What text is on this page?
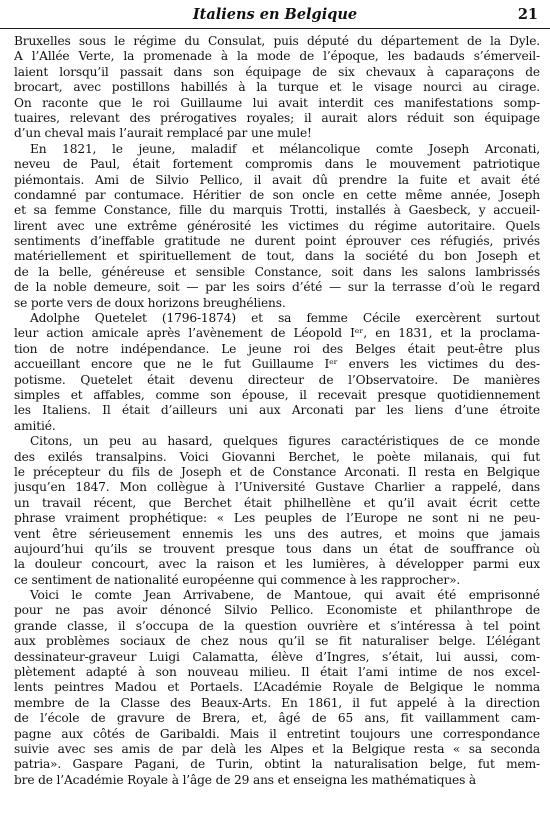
Italiens en Belgique	21
Bruxelles sous le régime du Consulat, puis député du département de la Dyle.
A l’Allée Verte, la promenade à la mode de l’époque, les badauds s’émerveil-
laient lorsqu’il passait dans son équipage de six chevaux à caparaçons de
brocart, avec postillons habillés à la turque et le visage nourci au cirage.
On raconte que le roi Guillaume lui avait interdit ces manifestations somp-
tuaires, relevant des prérogatives royales; il aurait alors réduit son équipage
d’un cheval mais l’aurait remplacé par une mule!
En 1821, le jeune, maladif et mélancolique comte Joseph Arconati,
neveu de Paul, était fortement compromis dans le mouvement patriotique
piémontais. Ami de Silvio Pellico, il avait dû prendre la fuite et avait été
condamné par contumace. Héritier de son oncle en cette même année, Joseph
et sa femme Constance, fille du marquis Trotti, installés à Gaesbeck, y accueil-
lirent avec une extrême générosité les victimes du régime autoritaire. Quels
sentiments d’ineffable gratitude ne durent point éprouver ces réfugiés, privés
matériellement et spirituellement de tout, dans la société du bon Joseph et
de la belle, généreuse et sensible Constance, soit dans les salons lambrissés
de la noble demeure, soit — par les soirs d’été — sur la terrasse d’où le regard
se porte vers de doux horizons breughéliens.
Adolphe Quetelet (1796-1874) et sa femme Cécile exercèrent surtout
leur action amicale après l’avènement de Léopold Iᵉʳ, en 1831, et la proclama-
tion de notre indépendance. Le jeune roi des Belges était peut-être plus
accueillant encore que ne le fut Guillaume Iᵉʳ envers les victimes du des-
potisme. Quetelet était devenu directeur de l’Observatoire. De manières
simples et affables, comme son épouse, il recevait presque quotidiennement
les Italiens. Il était d’ailleurs uni aux Arconati par les liens d’une étroite
amitié.
Citons, un peu au hasard, quelques figures caractéristiques de ce monde
des exilés transalpins. Voici Giovanni Berchet, le poète milanais, qui fut
le précepteur du fils de Joseph et de Constance Arconati. Il resta en Belgique
jusqu’en 1847. Mon collègue à l’Université Gustave Charlier a rappelé, dans
un travail récent, que Berchet était philhellène et qu’il avait écrit cette
phrase vraiment prophétique: « Les peuples de l’Europe ne sont ni ne peu-
vent être sérieusement ennemis les uns des autres, et moins que jamais
aujourd’hui qu’ils se trouvent presque tous dans un état de souffrance où
la douleur concourt, avec la raison et les lumières, à développer parmi eux
ce sentiment de nationalité européenne qui commence à les rapprocher».
Voici le comte Jean Arrivabene, de Mantoue, qui avait été emprisonné
pour ne pas avoir dénoncé Silvio Pellico. Economiste et philanthrope de
grande classe, il s’occupa de la question ouvrière et s’intéressa à tel point
aux problèmes sociaux de chez nous qu’il se fit naturaliser belge. L’élégant
dessinateur-graveur Luigi Calamatta, élève d’Ingres, s’était, lui aussi, com-
plètement adapté à son nouveau milieu. Il était l’ami intime de nos excel-
lents peintres Madou et Portaels. L’Académie Royale de Belgique le nomma
membre de la Classe des Beaux-Arts. En 1861, il fut appelé à la direction
de l’école de gravure de Brera, et, âgé de 65 ans, fit vaillamment cam-
pagne aux côtés de Garibaldi. Mais il entretint toujours une correspondance
suivie avec ses amis de par delà les Alpes et la Belgique resta « sa seconda
patria». Gaspare Pagani, de Turin, obtint la naturalisation belge, fut mem-
bre de l’Académie Royale à l’âge de 29 ans et enseigna les mathématiques à
